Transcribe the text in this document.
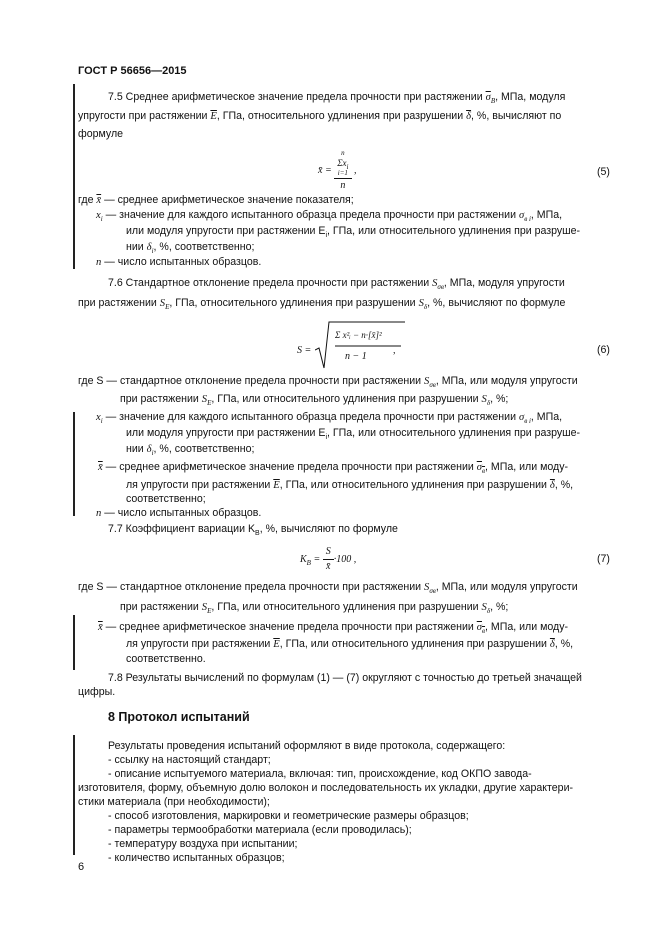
ГОСТ Р 56656—2015
7.5 Среднее арифметическое значение предела прочности при растяжении $\overline{\sigma}_B$, МПа, модуля
упругости при растяжении $\overline{E}$, ГПа, относительного удлинения при разрушении $\overline{\delta}$, %, вычисляют по
формуле
x̄ = n
$\Sigma x_i$
i=1
n ,	(5)
где x̄ — среднее арифметическое значение показателя;
$x_i$ — значение для каждого испытанного образца предела прочности при растяжении $\sigma_{в i}$, МПа,
или модуля упругости при растяжении $E_i$, ГПа, или относительного удлинения при разруше-
нии $\delta_i$, %, соответственно;
n — число испытанных образцов.
7.6 Стандартное отклонение предела прочности при растяжении $S_{\sigma в}$, МПа, модуля упругости
при растяжении $S_E$, ГПа, относительного удлинения при разрушении $S_\delta$, %, вычисляют по формуле
S =
Σ x²ᵢ − n·[x̄]²
n − 1
,	(6)
где S — стандартное отклонение предела прочности при растяжении $S_{\sigma в}$, МПа, или модуля упругости
при растяжении $S_E$, ГПа, или относительного удлинения при разрушении $S_\delta$, %;
$x_i$ — значение для каждого испытанного образца предела прочности при растяжении $\sigma_{в i}$, МПа,
или модуля упругости при растяжении $E_i$, ГПа, или относительного удлинения при разруше-
нии $\delta_i$, %, соответственно;
x̄ — среднее арифметическое значение предела прочности при растяжении $\sigma_в$, МПа, или моду-
ля упругости при растяжении $\overline{E}$, ГПа, или относительного удлинения при разрушении $\overline{\delta}$, %,
соответственно;
n — число испытанных образцов.
7.7 Коэффициент вариации $K_B$, %, вычисляют по формуле
$K_B = \frac{S}{x̄} \cdot 100$ ,	(7)
где S — стандартное отклонение предела прочности при растяжении $S_{\sigma в}$, МПа, или модуля упругости
при растяжении $S_E$, ГПа, или относительного удлинения при разрушении $S_\delta$, %;
x̄ — среднее арифметическое значение предела прочности при растяжении $\sigma_в$, МПа, или моду-
ля упругости при растяжении $\overline{E}$, ГПа, или относительного удлинения при разрушении $\overline{\delta}$, %,
соответственно.
7.8 Результаты вычислений по формулам (1) — (7) округляют с точностью до третьей значащей
цифры.
8 Протокол испытаний
Результаты проведения испытаний оформляют в виде протокола, содержащего:
- ссылку на настоящий стандарт;
- описание испытуемого материала, включая: тип, происхождение, код ОКПО завода-
изготовителя, форму, объемную долю волокон и последовательность их укладки, другие характери-
стики материала (при необходимости);
- способ изготовления, маркировки и геометрические размеры образцов;
- параметры термообработки материала (если проводилась);
- температуру воздуха при испытании;
- количество испытанных образцов;
6
